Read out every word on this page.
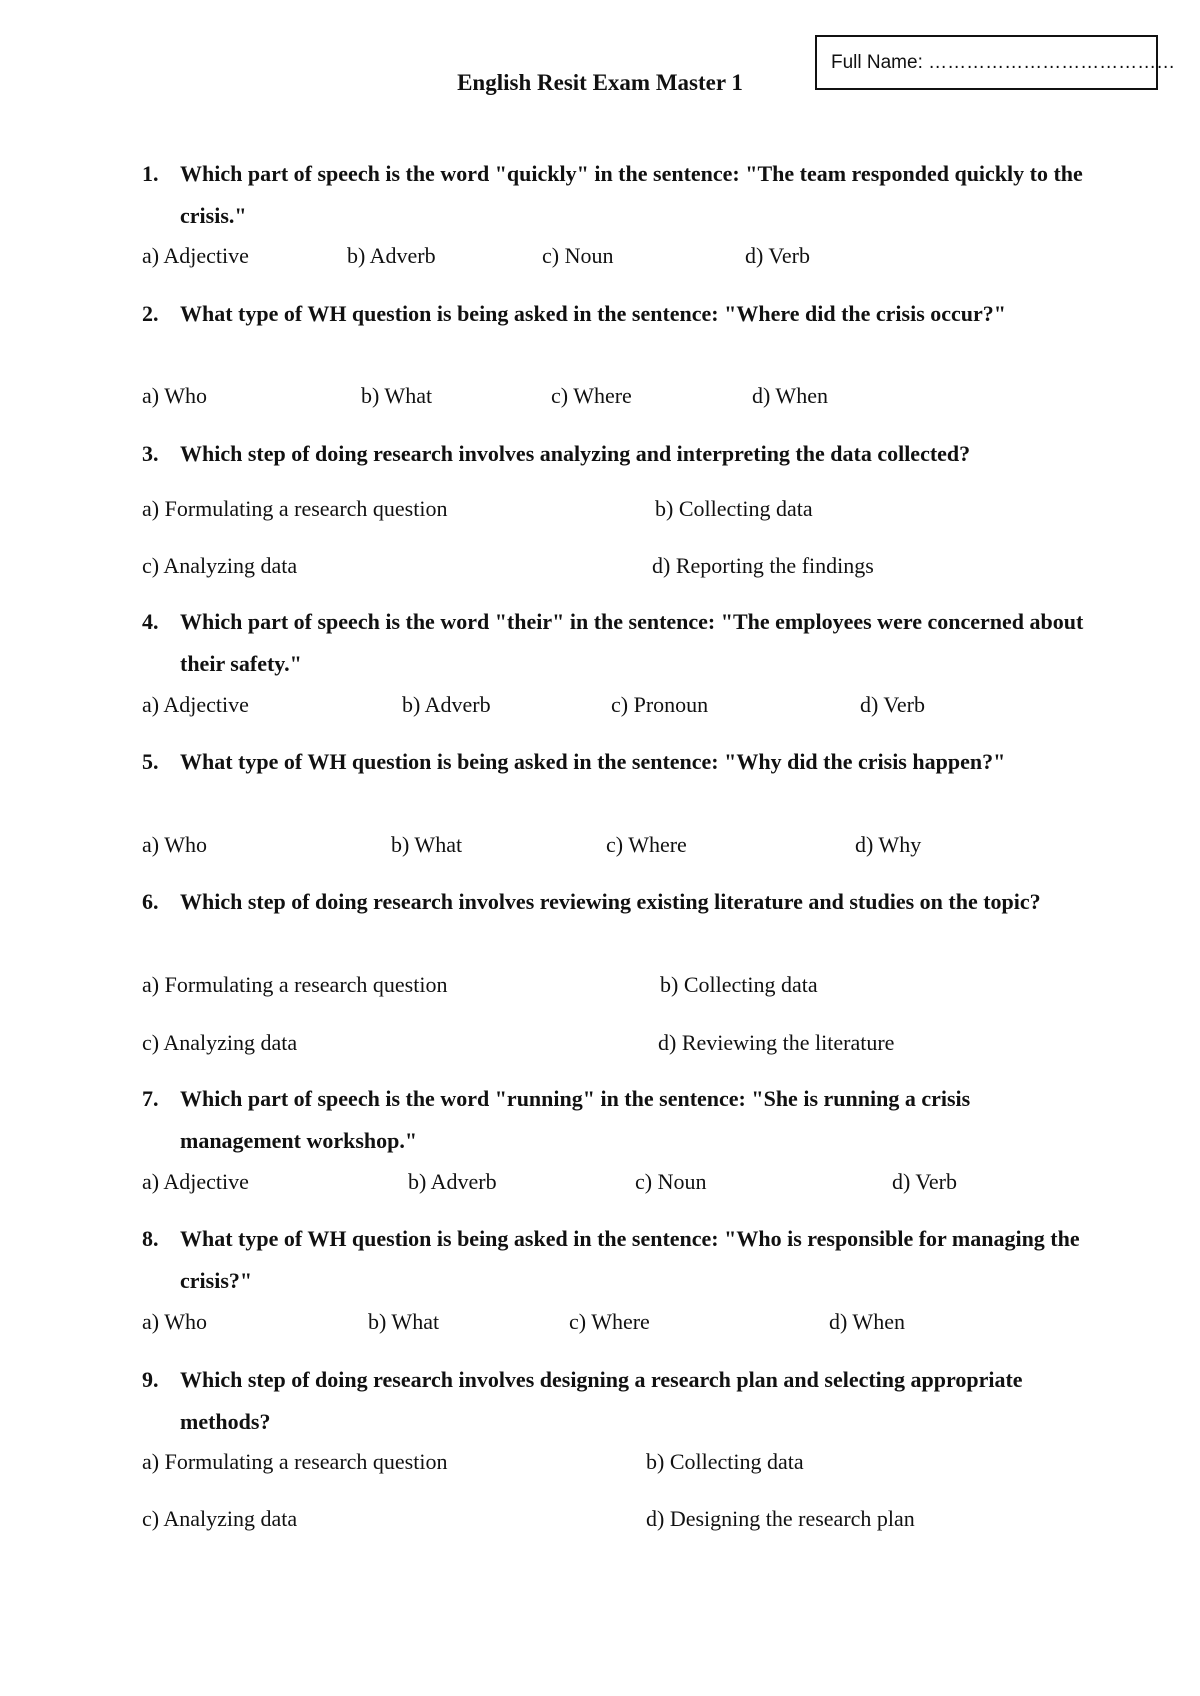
Full Name: …………………………………
English Resit Exam Master 1
1. Which part of speech is the word "quickly" in the sentence: "The team responded quickly to the crisis."
a) Adjective	b) Adverb	c) Noun	d) Verb
2. What type of WH question is being asked in the sentence: "Where did the crisis occur?"
a) Who	b) What	c) Where	d) When
3. Which step of doing research involves analyzing and interpreting the data collected?
a) Formulating a research question	b) Collecting data
c) Analyzing data	d) Reporting the findings
4. Which part of speech is the word "their" in the sentence: "The employees were concerned about their safety."
a) Adjective	b) Adverb	c) Pronoun	d) Verb
5. What type of WH question is being asked in the sentence: "Why did the crisis happen?"
a) Who	b) What	c) Where	d) Why
6. Which step of doing research involves reviewing existing literature and studies on the topic?
a) Formulating a research question	b) Collecting data
c) Analyzing data	d) Reviewing the literature
7. Which part of speech is the word "running" in the sentence: "She is running a crisis management workshop."
a) Adjective	b) Adverb	c) Noun	d) Verb
8. What type of WH question is being asked in the sentence: "Who is responsible for managing the crisis?"
a) Who	b) What	c) Where	d) When
9. Which step of doing research involves designing a research plan and selecting appropriate methods?
a) Formulating a research question	b) Collecting data
c) Analyzing data	d) Designing the research plan
